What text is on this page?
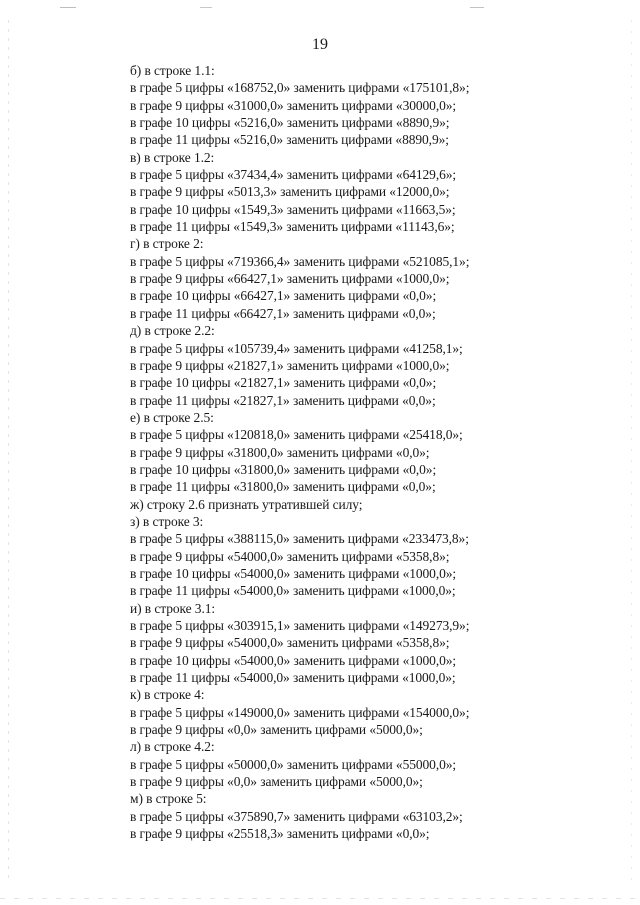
19
б) в строке 1.1:
в графе 5 цифры «168752,0» заменить цифрами «175101,8»;
в графе 9 цифры «31000,0» заменить цифрами «30000,0»;
в графе 10 цифры «5216,0» заменить цифрами «8890,9»;
в графе 11 цифры «5216,0» заменить цифрами «8890,9»;
в) в строке 1.2:
в графе 5 цифры «37434,4» заменить цифрами «64129,6»;
в графе 9 цифры «5013,3» заменить цифрами «12000,0»;
в графе 10 цифры «1549,3» заменить цифрами «11663,5»;
в графе 11 цифры «1549,3» заменить цифрами «11143,6»;
г) в строке 2:
в графе 5 цифры «719366,4» заменить цифрами «521085,1»;
в графе 9 цифры «66427,1» заменить цифрами «1000,0»;
в графе 10 цифры «66427,1» заменить цифрами «0,0»;
в графе 11 цифры «66427,1» заменить цифрами «0,0»;
д) в строке 2.2:
в графе 5 цифры «105739,4» заменить цифрами «41258,1»;
в графе 9 цифры «21827,1» заменить цифрами «1000,0»;
в графе 10 цифры «21827,1» заменить цифрами «0,0»;
в графе 11 цифры «21827,1» заменить цифрами «0,0»;
е) в строке 2.5:
в графе 5 цифры «120818,0» заменить цифрами «25418,0»;
в графе 9 цифры «31800,0» заменить цифрами «0,0»;
в графе 10 цифры «31800,0» заменить цифрами «0,0»;
в графе 11 цифры «31800,0» заменить цифрами «0,0»;
ж) строку 2.6 признать утратившей силу;
з) в строке 3:
в графе 5 цифры «388115,0» заменить цифрами «233473,8»;
в графе 9 цифры «54000,0» заменить цифрами «5358,8»;
в графе 10 цифры «54000,0» заменить цифрами «1000,0»;
в графе 11 цифры «54000,0» заменить цифрами «1000,0»;
и) в строке 3.1:
в графе 5 цифры «303915,1» заменить цифрами «149273,9»;
в графе 9 цифры «54000,0» заменить цифрами «5358,8»;
в графе 10 цифры «54000,0» заменить цифрами «1000,0»;
в графе 11 цифры «54000,0» заменить цифрами «1000,0»;
к) в строке 4:
в графе 5 цифры «149000,0» заменить цифрами «154000,0»;
в графе 9 цифры «0,0» заменить цифрами «5000,0»;
л) в строке 4.2:
в графе 5 цифры «50000,0» заменить цифрами «55000,0»;
в графе 9 цифры «0,0» заменить цифрами «5000,0»;
м) в строке 5:
в графе 5 цифры «375890,7» заменить цифрами «63103,2»;
в графе 9 цифры «25518,3» заменить цифрами «0,0»;
